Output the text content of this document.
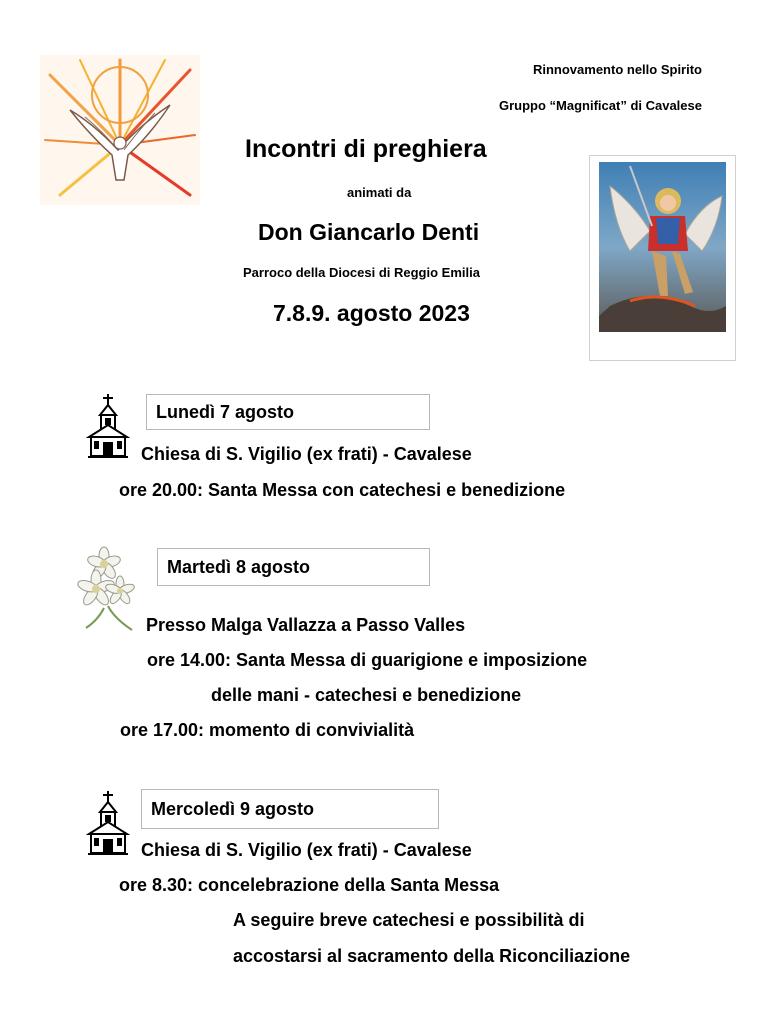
Rinnovamento nello Spirito
Gruppo “Magnificat” di Cavalese
Incontri di preghiera
animati da
Don Giancarlo Denti
Parroco della Diocesi di Reggio Emilia
7.8.9. agosto 2023
Lunedì 7 agosto
Chiesa di S. Vigilio (ex frati) - Cavalese
ore 20.00: Santa Messa con catechesi e benedizione
Martedì 8 agosto
Presso Malga Vallazza a Passo Valles
ore 14.00: Santa Messa di guarigione e imposizione
delle mani - catechesi e benedizione
ore 17.00: momento di convivialità
Mercoledì 9 agosto
Chiesa di S. Vigilio (ex frati) - Cavalese
ore 8.30: concelebrazione della Santa Messa
A seguire breve catechesi e possibilità di
accostarsi al sacramento della Riconciliazione
